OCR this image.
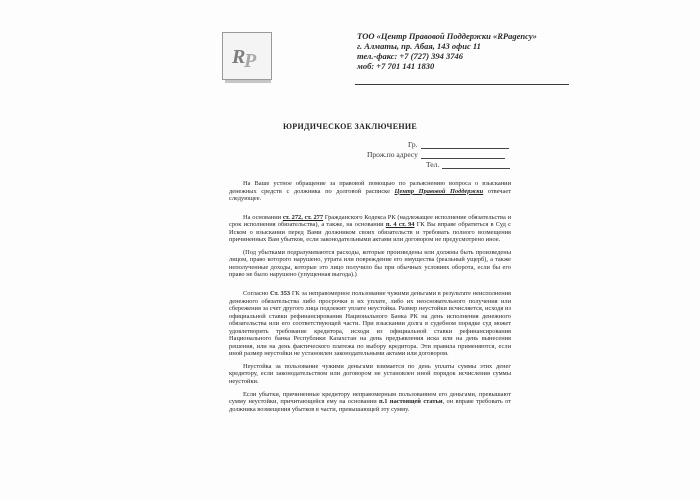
R
P
ТОО «Центр Правовой Поддержки «RPagency»
г. Алматы, пр. Абая, 143 офис 11
тел.-факс: +7 (727) 394 3746
моб: +7 701 141 1830
ЮРИДИЧЕСКОЕ ЗАКЛЮЧЕНИЕ
Гр.
Прож.по адресу
Тел.

На Ваше устное обращение за правовой помощью по разъяснению вопроса о взыскании денежных средств с должника по долговой расписке Центр Правовой Поддержки отвечает следующее.

На основании ст. 272, ст. 277 Гражданского Кодекса РК (надлежащее исполнение обязательства и срок исполнения обязательства), а также, на основании п. 4 ст. 94 ГК Вы вправе обратиться в Суд с Иском о взыскании перед Вами должником своих обязательств и требовать полного возмещения причиненных Вам убытков, если законодательными актами или договором не предусмотрено иное.

(Под убытками подразумеваются расходы, которые произведены или должны быть произведены лицом, право которого нарушено, утрата или повреждение его имущества (реальный ущерб), а также неполученные доходы, которые это лицо получило бы при обычных условиях оборота, если бы его право не было нарушено (упущенная выгода).)

Согласно Ст. 353 ГК за неправомерное пользование чужими деньгами в результате неисполнения денежного обязательства либо просрочки в их уплате, либо их неосновательного получения или сбережения за счет другого лица подлежит уплате неустойка. Размер неустойки исчисляется, исходя из официальной ставки рефинансирования Национального Банка РК на день исполнения денежного обязательства или его соответствующей части. При взыскании долга в судебном порядке суд может удовлетворить требование кредитора, исходя из официальной ставки рефинансирования Национального банка Республики Казахстан на день предъявления иска или на день вынесения решения, или на день фактического платежа по выбору кредитора. Эти правила применяются, если иной размер неустойки не установлен законодательными актами или договором.

Неустойка за пользование чужими деньгами взимается по день уплаты суммы этих денег кредитору, если законодательством или договором не установлен иной порядок исчисления суммы неустойки.

Если убытки, причиненные кредитору неправомерным пользованием его деньгами, превышают сумму неустойки, причитающейся ему на основании п.1 настоящей статьи, он вправе требовать от должника возмещения убытков в части, превышающей эту сумму.
